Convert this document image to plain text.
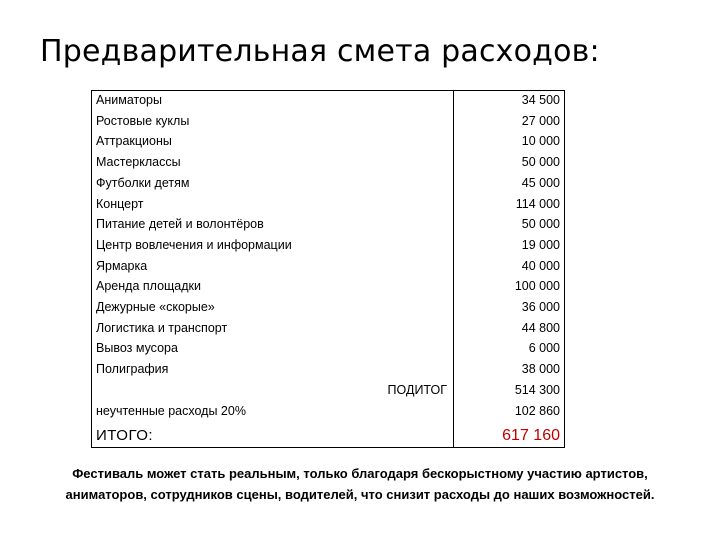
Предварительная смета расходов:
Аниматоры	34 500
Ростовые куклы	27 000
Аттракционы	10 000
Мастерклассы	50 000
Футболки детям	45 000
Концерт	114 000
Питание детей и волонтёров	50 000
Центр вовлечения и информации	19 000
Ярмарка	40 000
Аренда площадки	100 000
Дежурные «скорые»	36 000
Логистика и транспорт	44 800
Вывоз мусора	6 000
Полиграфия	38 000
ПОДИТОГ	514 300
неучтенные расходы 20%	102 860
ИТОГО:	617 160
Фестиваль может стать реальным, только благодаря бескорыстному участию артистов,
аниматоров, сотрудников сцены, водителей, что снизит расходы до наших возможностей.
